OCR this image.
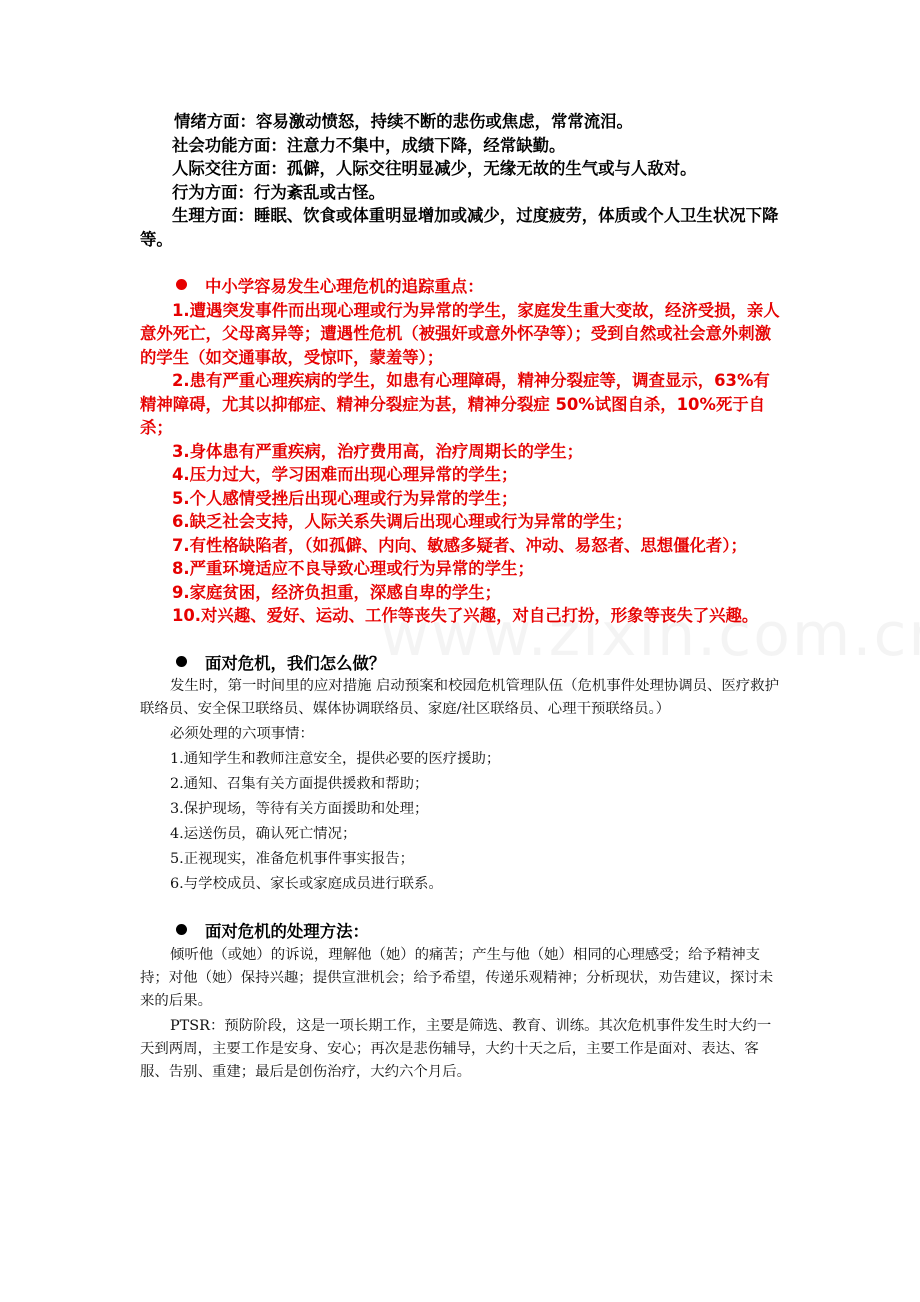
情绪方面：容易激动愤怒，持续不断的悲伤或焦虑，常常流泪。

社会功能方面：注意力不集中，成绩下降，经常缺勤。

人际交往方面：孤僻，人际交往明显减少，无缘无故的生气或与人敌对。

行为方面：行为紊乱或古怪。

生理方面：睡眠、饮食或体重明显增加或减少，过度疲劳，体质或个人卫生状况下降等。

中小学容易发生心理危机的追踪重点：

1.遭遇突发事件而出现心理或行为异常的学生，家庭发生重大变故，经济受损，亲人意外死亡，父母离异等；遭遇性危机（被强奸或意外怀孕等）；受到自然或社会意外刺激的学生（如交通事故，受惊吓，蒙羞等）；

2.患有严重心理疾病的学生，如患有心理障碍，精神分裂症等，调查显示，63%有精神障碍，尤其以抑郁症、精神分裂症为甚，精神分裂症 50%试图自杀，10%死于自杀；

3.身体患有严重疾病，治疗费用高，治疗周期长的学生；

4.压力过大，学习困难而出现心理异常的学生；

5.个人感情受挫后出现心理或行为异常的学生；

6.缺乏社会支持，人际关系失调后出现心理或行为异常的学生；

7.有性格缺陷者，（如孤僻、内向、敏感多疑者、冲动、易怒者、思想僵化者）；

8.严重环境适应不良导致心理或行为异常的学生；

9.家庭贫困，经济负担重，深感自卑的学生；

10.对兴趣、爱好、运动、工作等丧失了兴趣，对自己打扮，形象等丧失了兴趣。

面对危机，我们怎么做？

发生时，第一时间里的应对措施 启动预案和校园危机管理队伍（危机事件处理协调员、医疗救护联络员、安全保卫联络员、媒体协调联络员、家庭/社区联络员、心理干预联络员。）

必须处理的六项事情：

1.通知学生和教师注意安全，提供必要的医疗援助；

2.通知、召集有关方面提供援救和帮助；

3.保护现场，等待有关方面援助和处理；

4.运送伤员，确认死亡情况；

5.正视现实，准备危机事件事实报告；

6.与学校成员、家长或家庭成员进行联系。

面对危机的处理方法：

倾听他（或她）的诉说，理解他（她）的痛苦；产生与他（她）相同的心理感受；给予精神支持；对他（她）保持兴趣；提供宣泄机会；给予希望，传递乐观精神；分析现状，劝告建议，探讨未来的后果。

PTSR：预防阶段，这是一项长期工作，主要是筛选、教育、训练。其次危机事件发生时大约一天到两周，主要工作是安身、安心；再次是悲伤辅导，大约十天之后，主要工作是面对、表达、客服、告别、重建；最后是创伤治疗，大约六个月后。
